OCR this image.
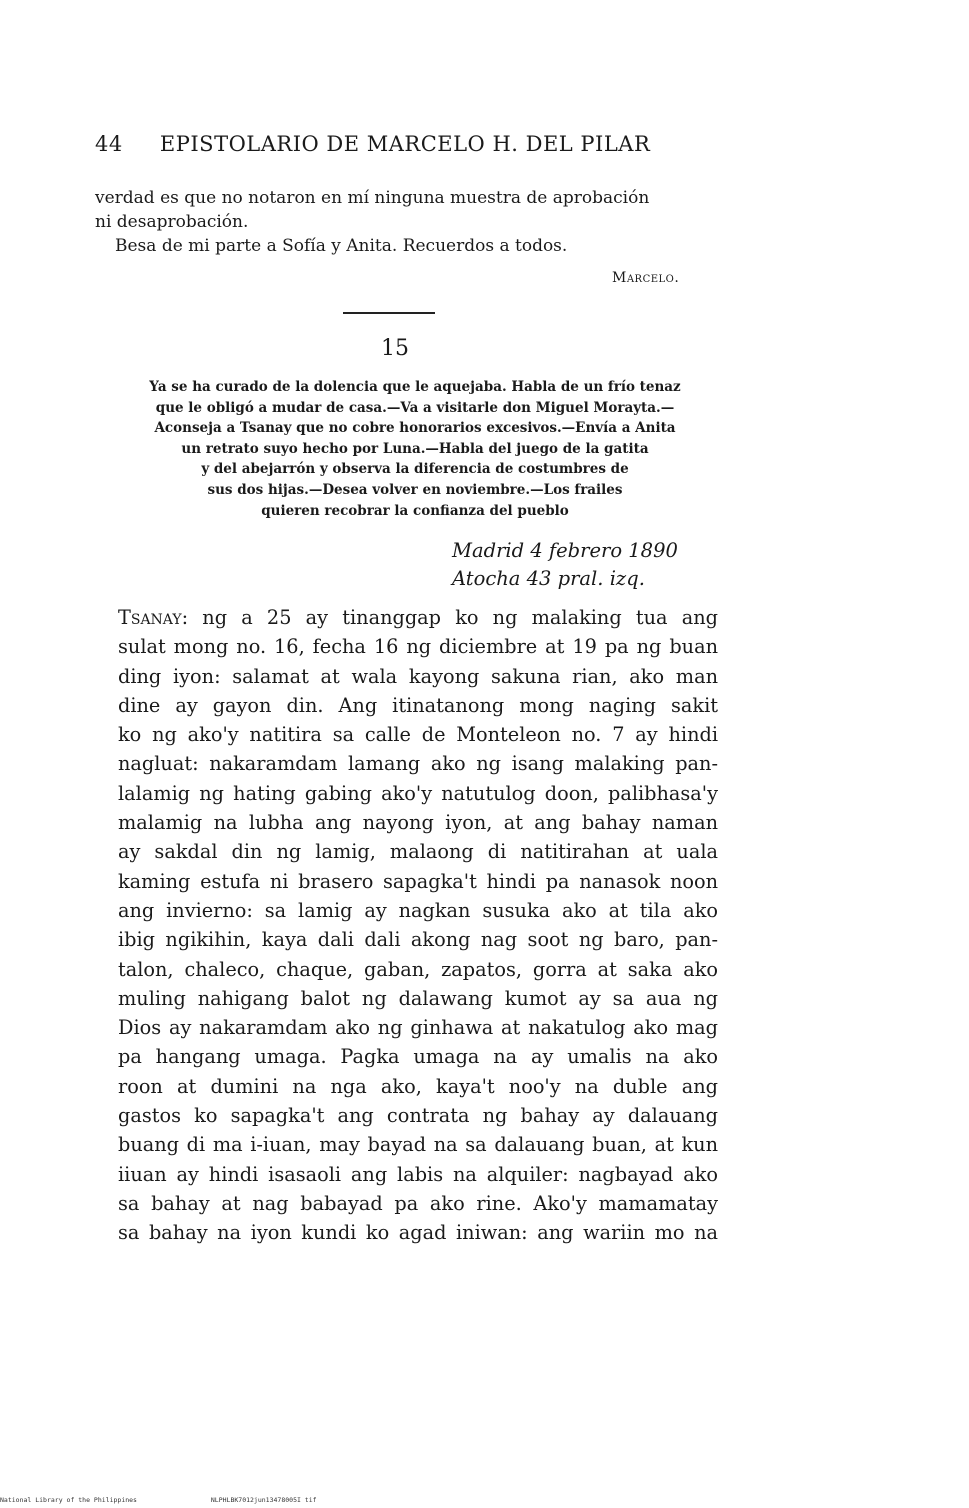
44 EPISTOLARIO DE MARCELO H. DEL PILAR

verdad es que no notaron en mí ninguna muestra de aprobación

ni desaprobación.

Besa de mi parte a Sofía y Anita. Recuerdos a todos.

Marcelo.
15
Ya se ha curado de la dolencia que le aquejaba. Habla de un frío tenaz
que le obligó a mudar de casa.—Va a visitarle don Miguel Morayta.—
Aconseja a Tsanay que no cobre honorarios excesivos.—Envía a Anita
un retrato suyo hecho por Luna.—Habla del juego de la gatita
y del abejarrón y observa la diferencia de costumbres de
sus dos hijas.—Desea volver en noviembre.—Los frailes
quieren recobrar la confianza del pueblo
Madrid 4 febrero 1890
Atocha 43 pral. izq.
Tsanay: ng a 25 ay tinanggap ko ng malaking tua ang
sulat mong no. 16, fecha 16 ng diciembre at 19 pa ng buan
ding iyon: salamat at wala kayong sakuna rian, ako man
dine ay gayon din. Ang itinatanong mong naging sakit
ko ng ako'y natitira sa calle de Monteleon no. 7 ay hindi
nagluat: nakaramdam lamang ako ng isang malaking pan-
lalamig ng hating gabing ako'y natutulog doon, palibhasa'y
malamig na lubha ang nayong iyon, at ang bahay naman
ay sakdal din ng lamig, malaong di natitirahan at uala
kaming estufa ni brasero sapagka't hindi pa nanasok noon
ang invierno: sa lamig ay nagkan susuka ako at tila ako
ibig ngikihin, kaya dali dali akong nag soot ng baro, pan-
talon, chaleco, chaque, gaban, zapatos, gorra at saka ako
muling nahigang balot ng dalawang kumot ay sa aua ng
Dios ay nakaramdam ako ng ginhawa at nakatulog ako mag
pa hangang umaga. Pagka umaga na ay umalis na ako
roon at dumini na nga ako, kaya't noo'y na duble ang
gastos ko sapagka't ang contrata ng bahay ay dalauang
buang di ma i-iuan, may bayad na sa dalauang buan, at kun
iiuan ay hindi isasaoli ang labis na alquiler: nagbayad ako
sa bahay at nag babayad pa ako rine. Ako'y mamamatay
sa bahay na iyon kundi ko agad iniwan: ang wariin mo na
National Library of the Philippines	NLPHLBK7012jun13478005I tif
